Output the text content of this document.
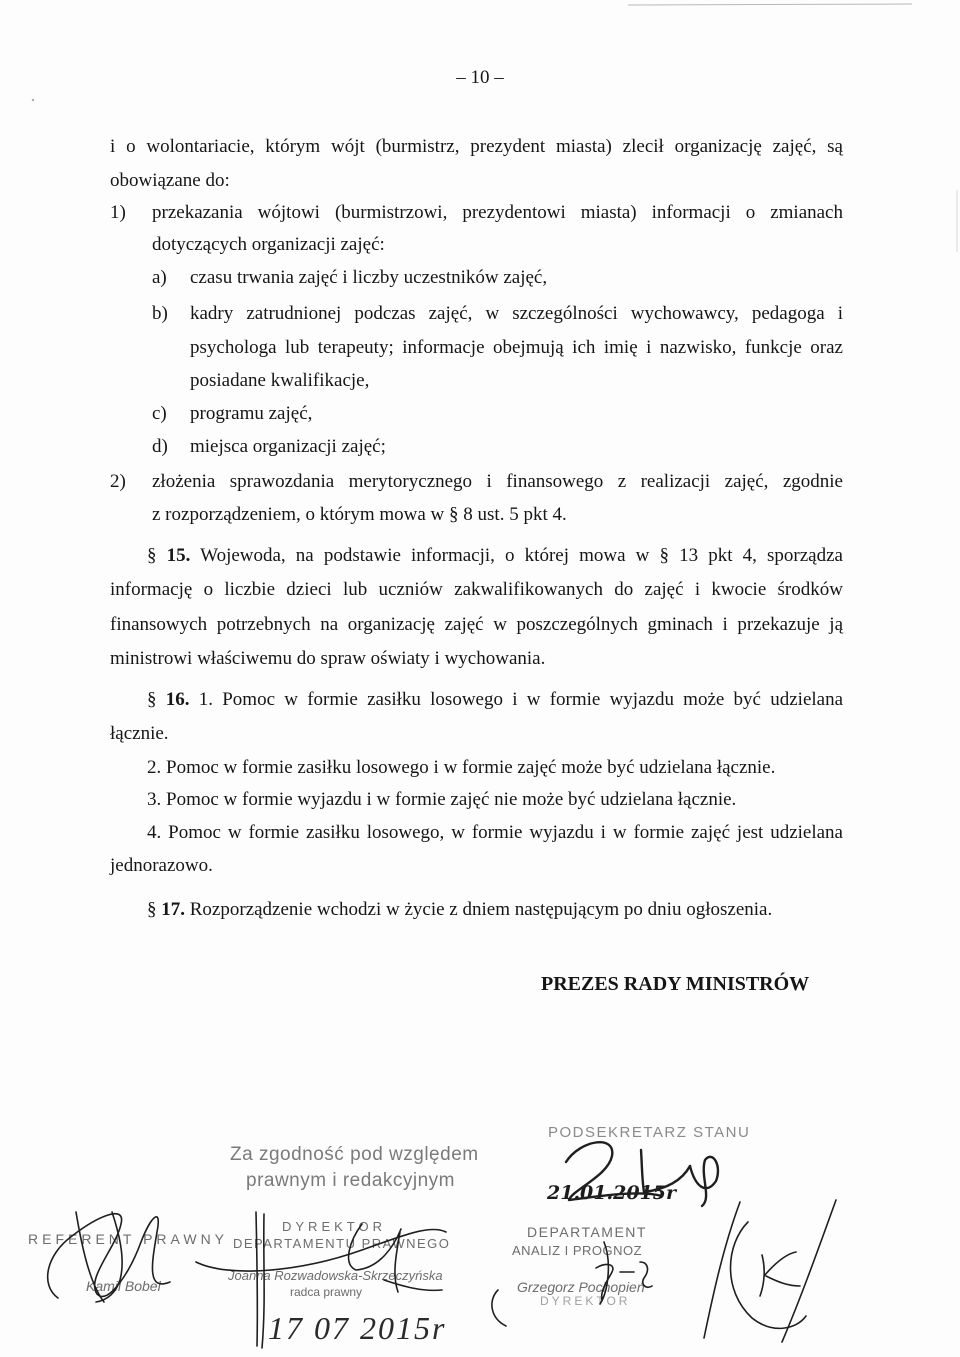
– 10 –
i o wolontariacie, którym wójt (burmistrz, prezydent miasta) zlecił organizację zajęć, są
obowiązane do:
1) przekazania wójtowi (burmistrzowi, prezydentowi miasta) informacji o zmianach
dotyczących organizacji zajęć:
a) czasu trwania zajęć i liczby uczestników zajęć,
b) kadry zatrudnionej podczas zajęć, w szczególności wychowawcy, pedagoga i
psychologa lub terapeuty; informacje obejmują ich imię i nazwisko, funkcje oraz
posiadane kwalifikacje,
c) programu zajęć,
d) miejsca organizacji zajęć;
2) złożenia sprawozdania merytorycznego i finansowego z realizacji zajęć, zgodnie
z rozporządzeniem, o którym mowa w § 8 ust. 5 pkt 4.
§ 15. Wojewoda, na podstawie informacji, o której mowa w § 13 pkt 4, sporządza
informację o liczbie dzieci lub uczniów zakwalifikowanych do zajęć i kwocie środków
finansowych potrzebnych na organizację zajęć w poszczególnych gminach i przekazuje ją
ministrowi właściwemu do spraw oświaty i wychowania.
§ 16. 1. Pomoc w formie zasiłku losowego i w formie wyjazdu może być udzielana
łącznie.
2. Pomoc w formie zasiłku losowego i w formie zajęć może być udzielana łącznie.
3. Pomoc w formie wyjazdu i w formie zajęć nie może być udzielana łącznie.
4. Pomoc w formie zasiłku losowego, w formie wyjazdu i w formie zajęć jest udzielana
jednorazowo.
§ 17. Rozporządzenie wchodzi w życie z dniem następującym po dniu ogłoszenia.
PREZES RADY MINISTRÓW
Za zgodność pod względem
prawnym i redakcyjnym
DYREKTOR
DEPARTAMENTU PRAWNEGO
Joanna Rozwadowska-Skrzeczyńska
radca prawny
REFERENT PRAWNY
Kamil Bobel
PODSEKRETARZ STANU
DEPARTAMENT
ANALIZ I PROGNOZ
Grzegorz Pochopień
DYREKTOR
21.01.2015r
17 07 2015r
